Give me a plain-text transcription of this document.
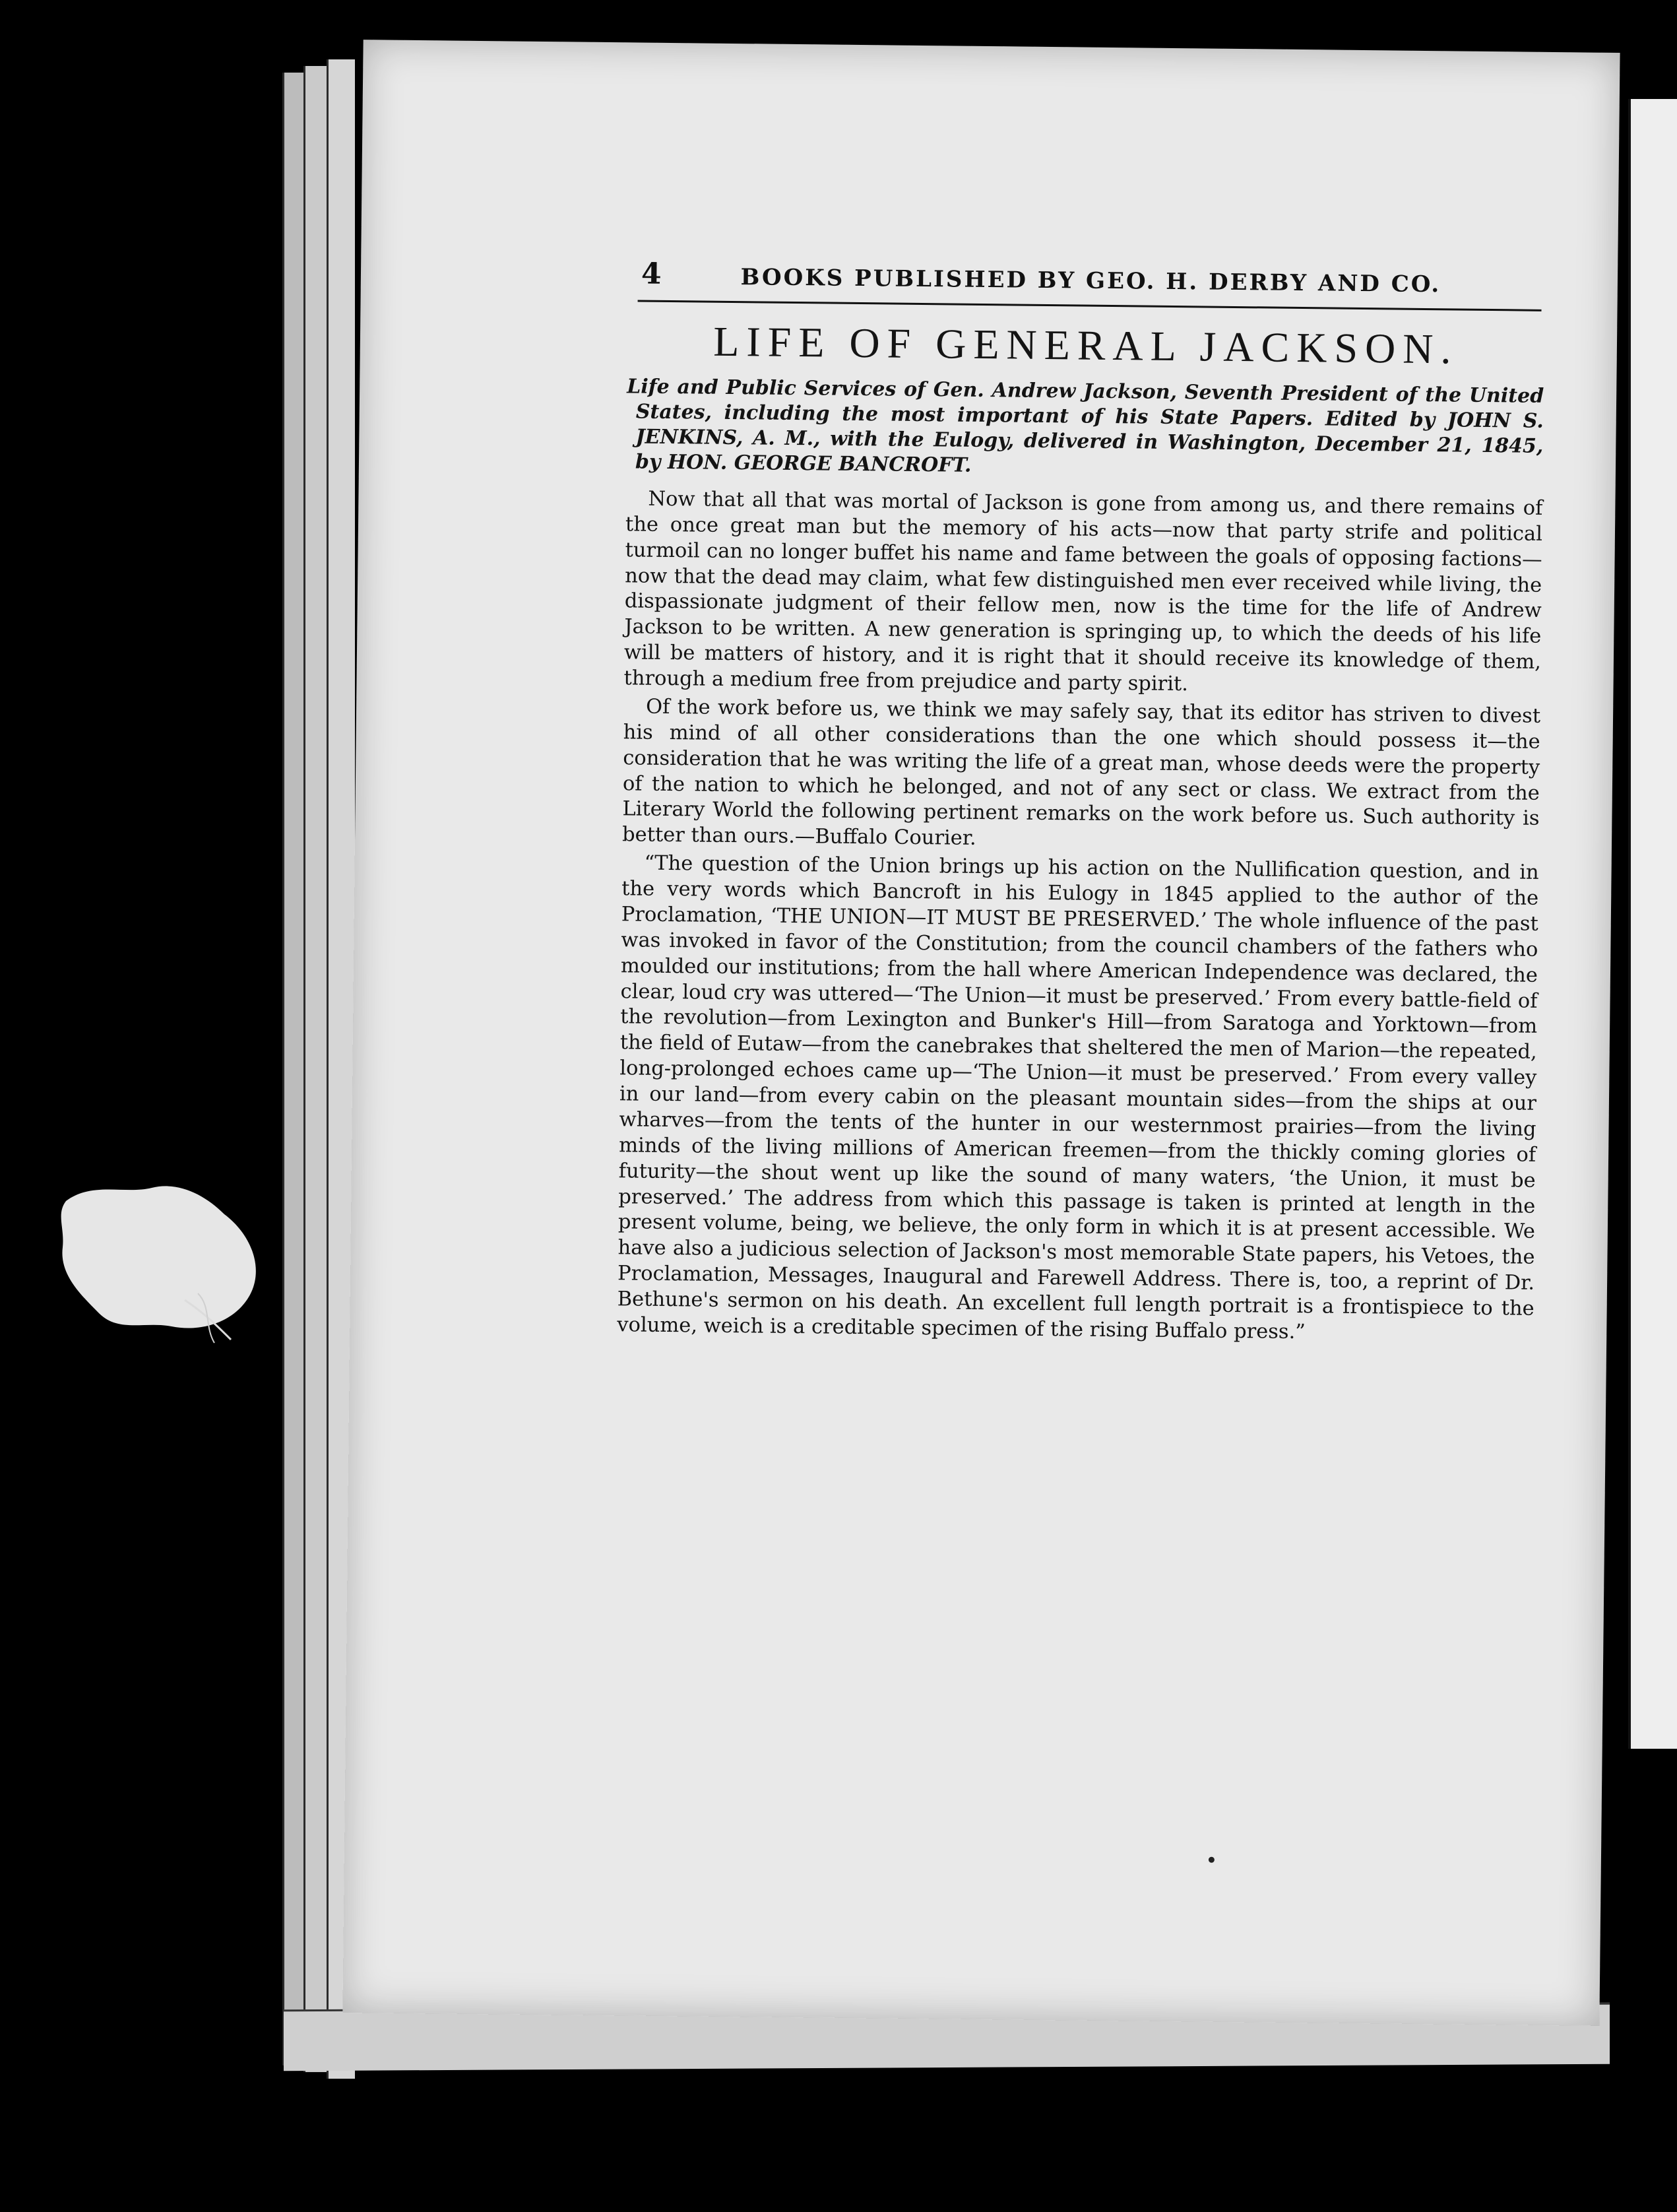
4	BOOKS PUBLISHED BY GEO. H. DERBY AND CO.
LIFE OF GENERAL JACKSON.

Life and Public Services of Gen. Andrew Jackson, Seventh President of the United States, including the most important of his State Papers. Edited by JOHN S. JENKINS, A. M., with the Eulogy, delivered in Washington, December 21, 1845, by HON. GEORGE BANCROFT.

Now that all that was mortal of Jackson is gone from among us, and there remains of the once great man but the memory of his acts—now that party strife and political turmoil can no longer buffet his name and fame between the goals of opposing factions—now that the dead may claim, what few distinguished men ever received while living, the dispassionate judgment of their fellow men, now is the time for the life of Andrew Jackson to be written. A new generation is springing up, to which the deeds of his life will be matters of history, and it is right that it should receive its knowledge of them, through a medium free from prejudice and party spirit.

Of the work before us, we think we may safely say, that its editor has striven to divest his mind of all other considerations than the one which should possess it—the consideration that he was writing the life of a great man, whose deeds were the property of the nation to which he belonged, and not of any sect or class. We extract from the Literary World the following pertinent remarks on the work before us. Such authority is better than ours.—Buffalo Courier.

“The question of the Union brings up his action on the Nullification question, and in the very words which Bancroft in his Eulogy in 1845 applied to the author of the Proclamation, ‘THE UNION—IT MUST BE PRESERVED.’ The whole influence of the past was invoked in favor of the Constitution; from the council chambers of the fathers who moulded our institutions; from the hall where American Independence was declared, the clear, loud cry was uttered—‘The Union—it must be preserved.’ From every battle-field of the revolution—from Lexington and Bunker's Hill—from Saratoga and Yorktown—from the field of Eutaw—from the canebrakes that sheltered the men of Marion—the repeated, long-prolonged echoes came up—‘The Union—it must be preserved.’ From every valley in our land—from every cabin on the pleasant mountain sides—from the ships at our wharves—from the tents of the hunter in our westernmost prairies—from the living minds of the living millions of American freemen—from the thickly coming glories of futurity—the shout went up like the sound of many waters, ‘the Union, it must be preserved.’ The address from which this passage is taken is printed at length in the present volume, being, we believe, the only form in which it is at present accessible. We have also a judicious selection of Jackson's most memorable State papers, his Vetoes, the Proclamation, Messages, Inaugural and Farewell Address. There is, too, a reprint of Dr. Bethune's sermon on his death. An excellent full length portrait is a frontispiece to the volume, weich is a creditable specimen of the rising Buffalo press.”
